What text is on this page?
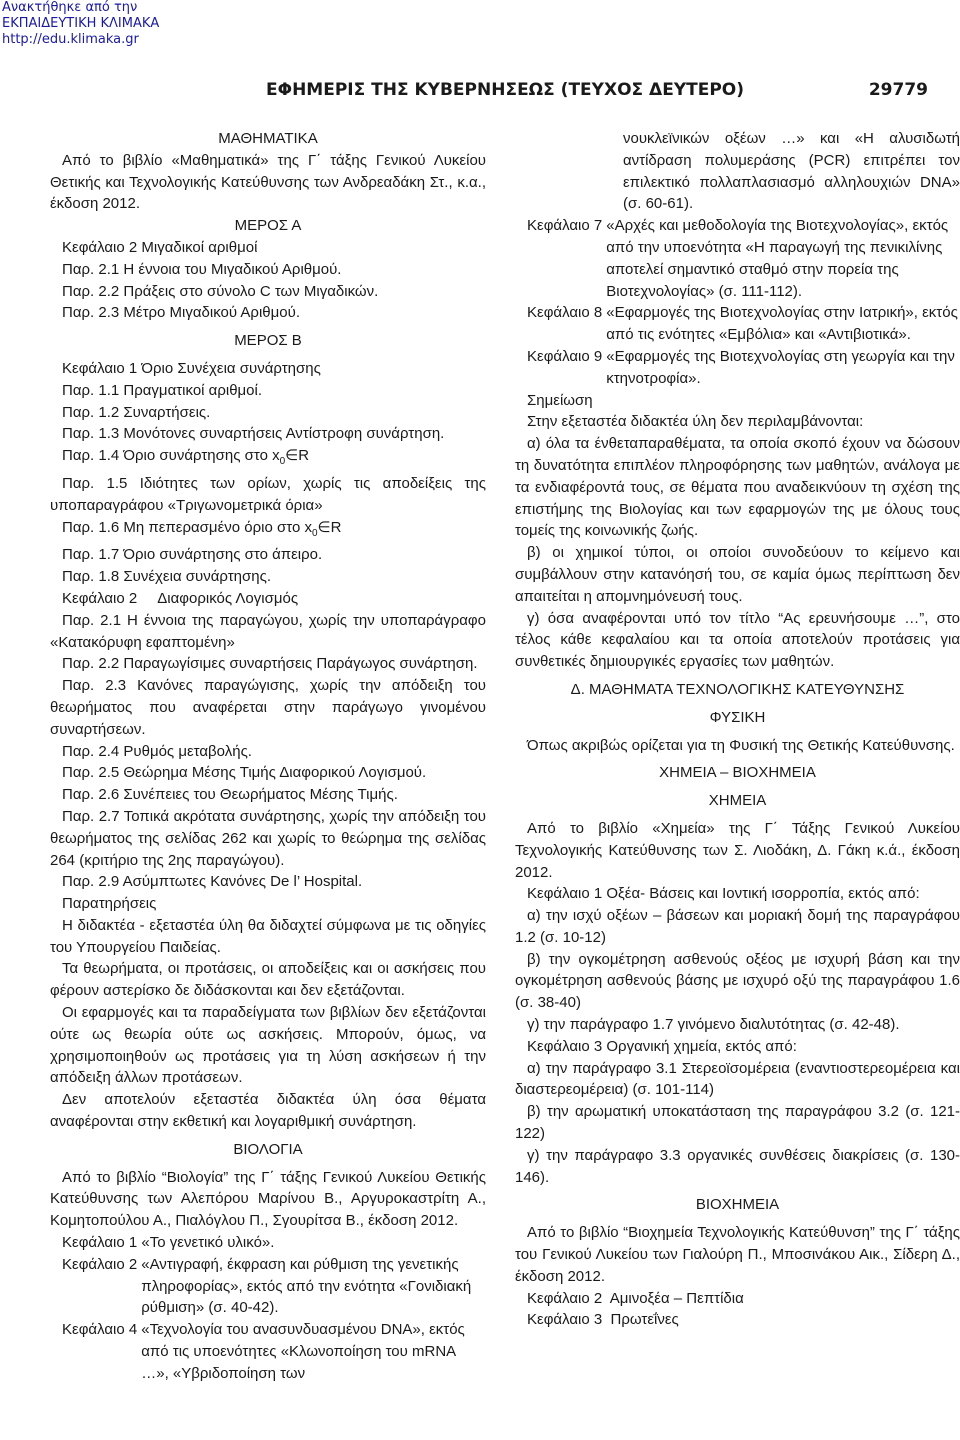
Ανακτήθηκε από την
ΕΚΠΑΙΔΕΥΤΙΚΗ ΚΛΙΜΑΚΑ
http://edu.klimaka.gr
ΕΦΗΜΕΡΙΣ ΤΗΣ ΚΥΒΕΡΝΗΣΕΩΣ (ΤΕΥΧΟΣ ΔΕΥΤΕΡΟ)	29779

ΜΑΘΗΜΑΤΙΚΑ

Από το βιβλίο «Μαθηματικά» της Γ΄ τάξης Γενικού Λυκείου Θετικής και Τεχνολογικής Κατεύθυνσης των Ανδρεαδάκη Στ., κ.α., έκδοση 2012.

ΜΕΡΟΣ Α

Κεφάλαιο 2 Μιγαδικοί αριθμοί

Παρ. 2.1 Η έννοια του Μιγαδικού Αριθμού.

Παρ. 2.2 Πράξεις στο σύνολο C των Μιγαδικών.

Παρ. 2.3 Μέτρο Μιγαδικού Αριθμού.

ΜΕΡΟΣ Β

Κεφάλαιο 1 Όριο Συνέχεια συνάρτησης

Παρ. 1.1 Πραγματικοί αριθμοί.

Παρ. 1.2 Συναρτήσεις.

Παρ. 1.3 Μονότονες συναρτήσεις Αντίστροφη συνάρτηση.

Παρ. 1.4 Όριο συνάρτησης στο $x_0\in R$

Παρ. 1.5 Ιδιότητες των ορίων, χωρίς τις αποδείξεις της υποπαραγράφου «Τριγωνομετρικά όρια»

Παρ. 1.6 Μη πεπερασμένο όριο στο $x_0\in R$

Παρ. 1.7 Όριο συνάρτησης στο άπειρο.

Παρ. 1.8 Συνέχεια συνάρτησης.

Κεφάλαιο 2     Διαφορικός Λογισμός

Παρ. 2.1 Η έννοια της παραγώγου, χωρίς την υποπαράγραφο «Κατακόρυφη εφαπτομένη»

Παρ. 2.2 Παραγωγίσιμες συναρτήσεις Παράγωγος συνάρτηση.

Παρ. 2.3 Κανόνες παραγώγισης, χωρίς την απόδειξη του θεωρήματος που αναφέρεται στην παράγωγο γινομένου συναρτήσεων.

Παρ. 2.4 Ρυθμός μεταβολής.

Παρ. 2.5 Θεώρημα Μέσης Τιμής Διαφορικού Λογισμού.

Παρ. 2.6 Συνέπειες του Θεωρήματος Μέσης Τιμής.

Παρ. 2.7 Τοπικά ακρότατα συνάρτησης, χωρίς την απόδειξη του θεωρήματος της σελίδας 262 και χωρίς το θεώρημα της σελίδας 264 (κριτήριο της 2ης παραγώγου).

Παρ. 2.9 Ασύμπτωτες Κανόνες De l’ Hospital.

Παρατηρήσεις

Η διδακτέα - εξεταστέα ύλη θα διδαχτεί σύμφωνα με τις οδηγίες του Υπουργείου Παιδείας.

Τα θεωρήματα, οι προτάσεις, οι αποδείξεις και οι ασκήσεις που φέρουν αστερίσκο δε διδάσκονται και δεν εξετάζονται.

Οι εφαρμογές και τα παραδείγματα των βιβλίων δεν εξετάζονται ούτε ως θεωρία ούτε ως ασκήσεις. Μπορούν, όμως, να χρησιμοποιηθούν ως προτάσεις για τη λύση ασκήσεων ή την απόδειξη άλλων προτάσεων.

Δεν αποτελούν εξεταστέα διδακτέα ύλη όσα θέματα αναφέρονται στην εκθετική και λογαριθμική συνάρτηση.

ΒΙΟΛΟΓΙΑ

Από το βιβλίο “Βιολογία” της Γ΄ τάξης Γενικού Λυκείου Θετικής Κατεύθυνσης των Αλεπόρου Μαρίνου Β., Αργυροκαστρίτη Α., Κομητοπούλου Α., Πιαλόγλου Π., Σγουρίτσα Β., έκδοση 2012.

Κεφάλαιο 1 «Το γενετικό υλικό».

Κεφάλαιο 2 «Αντιγραφή, έκφραση και ρύθμιση της γενετικής πληροφορίας», εκτός από την ενότητα «Γονιδιακή ρύθμιση» (σ. 40-42).
Κεφάλαιο 4 «Τεχνολογία του ανασυνδυασμένου DNA», εκτός από τις υποενότητες «Κλωνοποίηση του mRNA …», «Υβριδοποίηση των

νουκλεϊνικών οξέων …» και «Η αλυσιδωτή αντίδραση πολυμεράσης (PCR) επιτρέπει τον επιλεκτικό πολλαπλασιασμό αλληλουχιών DNA» (σ. 60-61).

Κεφάλαιο 7 «Αρχές και μεθοδολογία της Βιοτεχνολογίας», εκτός από την υποενότητα «Η παραγωγή της πενικιλίνης αποτελεί σημαντικό σταθμό στην πορεία της Βιοτεχνολογίας» (σ. 111-112).
Κεφάλαιο 8 «Εφαρμογές της Βιοτεχνολογίας στην Ιατρική», εκτός από τις ενότητες «Εμβόλια» και «Αντιβιοτικά».
Κεφάλαιο 9 «Εφαρμογές της Βιοτεχνολογίας στη γεωργία και την κτηνοτροφία».

Σημείωση

Στην εξεταστέα διδακτέα ύλη δεν περιλαμβάνονται:

α) όλα τα ένθεταπαραθέματα, τα οποία σκοπό έχουν να δώσουν τη δυνατότητα επιπλέον πληροφόρησης των μαθητών, ανάλογα με τα ενδιαφέροντά τους, σε θέματα που αναδεικνύουν τη σχέση της επιστήμης της Βιολογίας και των εφαρμογών της με όλους τους τομείς της κοινωνικής ζωής.

β) οι χημικοί τύποι, οι οποίοι συνοδεύουν το κείμενο και συμβάλλουν στην κατανόησή του, σε καμία όμως περίπτωση δεν απαιτείται η απομνημόνευσή τους.

γ) όσα αναφέρονται υπό τον τίτλο “Ας ερευνήσουμε …”, στο τέλος κάθε κεφαλαίου και τα οποία αποτελούν προτάσεις για συνθετικές δημιουργικές εργασίες των μαθητών.

Δ. ΜΑΘΗΜΑΤΑ ΤΕΧΝΟΛΟΓΙΚΗΣ ΚΑΤΕΥΘΥΝΣΗΣ

ΦΥΣΙΚΗ

Όπως ακριβώς ορίζεται για τη Φυσική της Θετικής Κατεύθυνσης.

ΧΗΜΕΙΑ – ΒΙΟΧΗΜΕΙΑ

ΧΗΜΕΙΑ

Από το βιβλίο «Χημεία» της Γ΄ Τάξης Γενικού Λυκείου Τεχνολογικής Κατεύθυνσης των Σ. Λιοδάκη, Δ. Γάκη κ.ά., έκδοση 2012.

Κεφάλαιο 1 Οξέα- Βάσεις και Ιοντική ισορροπία, εκτός από:

α) την ισχύ οξέων – βάσεων και μοριακή δομή της παραγράφου 1.2 (σ. 10-12)

β) την ογκομέτρηση ασθενούς οξέος με ισχυρή βάση και την ογκομέτρηση ασθενούς βάσης με ισχυρό οξύ της παραγράφου 1.6 (σ. 38-40)

γ) την παράγραφο 1.7 γινόμενο διαλυτότητας (σ. 42-48).

Κεφάλαιο 3 Οργανική χημεία, εκτός από:

α) την παράγραφο 3.1 Στερεοϊσομέρεια (εναντιοστερεομέρεια και διαστερεομέρεια) (σ. 101-114)

β) την αρωματική υποκατάσταση της παραγράφου 3.2 (σ. 121-122)

γ) την παράγραφο 3.3 οργανικές συνθέσεις διακρίσεις (σ. 130-146).

ΒΙΟΧΗΜΕΙΑ

Από το βιβλίο “Βιοχημεία Τεχνολογικής Κατεύθυνση” της Γ΄ τάξης του Γενικού Λυκείου των Γιαλούρη Π., Μποσινάκου Αικ., Σίδερη Δ., έκδοση 2012.

Κεφάλαιο 2  Αμινοξέα – Πεπτίδια

Κεφάλαιο 3  Πρωτεΐνες
